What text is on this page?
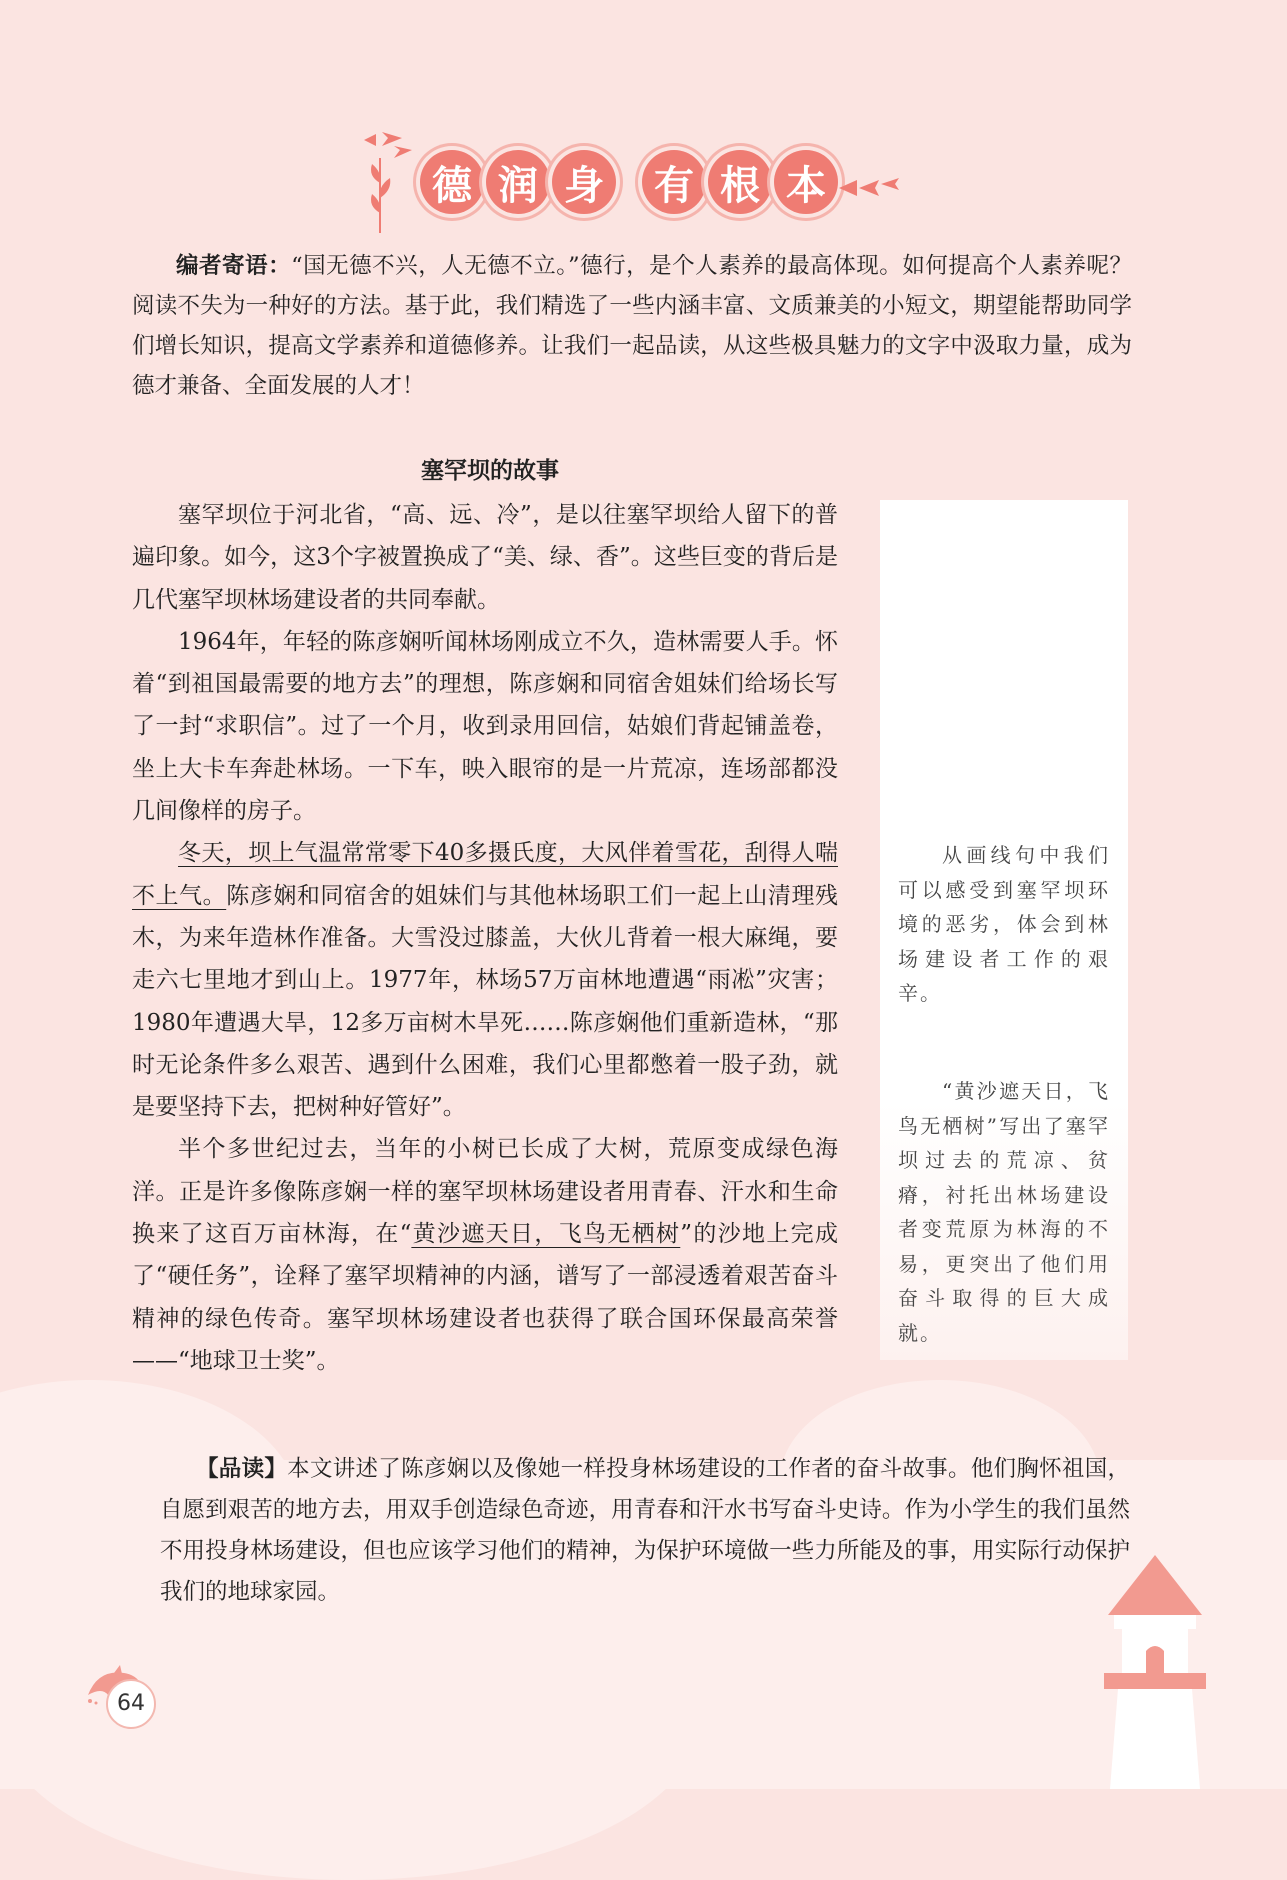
德 润 身	有 根 本
编者寄语：“国无德不兴，人无德不立。”德行，是个人素养的最高体现。如何提高个人素养呢？阅读不失为一种好的方法。基于此，我们精选了一些内涵丰富、文质兼美的小短文，期望能帮助同学们增长知识，提高文学素养和道德修养。让我们一起品读，从这些极具魅力的文字中汲取力量，成为德才兼备、全面发展的人才！
塞罕坝的故事
从画线句中我们可以感受到塞罕坝环境的恶劣，体会到林场建设者工作的艰辛。
“黄沙遮天日，飞鸟无栖树”写出了塞罕坝过去的荒凉、贫瘠，衬托出林场建设者变荒原为林海的不易，更突出了他们用奋斗取得的巨大成就。

塞罕坝位于河北省，“高、远、冷”，是以往塞罕坝给人留下的普遍印象。如今，这3个字被置换成了“美、绿、香”。这些巨变的背后是几代塞罕坝林场建设者的共同奉献。

1964年，年轻的陈彦娴听闻林场刚成立不久，造林需要人手。怀着“到祖国最需要的地方去”的理想，陈彦娴和同宿舍姐妹们给场长写了一封“求职信”。过了一个月，收到录用回信，姑娘们背起铺盖卷，坐上大卡车奔赴林场。一下车，映入眼帘的是一片荒凉，连场部都没几间像样的房子。

冬天，坝上气温常常零下40多摄氏度，大风伴着雪花，刮得人喘不上气。陈彦娴和同宿舍的姐妹们与其他林场职工们一起上山清理残木，为来年造林作准备。大雪没过膝盖，大伙儿背着一根大麻绳，要走六七里地才到山上。1977年，林场57万亩林地遭遇“雨凇”灾害；1980年遭遇大旱，12多万亩树木旱死……陈彦娴他们重新造林，“那时无论条件多么艰苦、遇到什么困难，我们心里都憋着一股子劲，就是要坚持下去，把树种好管好”。

半个多世纪过去，当年的小树已长成了大树，荒原变成绿色海洋。正是许多像陈彦娴一样的塞罕坝林场建设者用青春、汗水和生命换来了这百万亩林海，在“黄沙遮天日，飞鸟无栖树”的沙地上完成了“硬任务”，诠释了塞罕坝精神的内涵，谱写了一部浸透着艰苦奋斗精神的绿色传奇。塞罕坝林场建设者也获得了联合国环保最高荣誉——“地球卫士奖”。

【品读】本文讲述了陈彦娴以及像她一样投身林场建设的工作者的奋斗故事。他们胸怀祖国，自愿到艰苦的地方去，用双手创造绿色奇迹，用青春和汗水书写奋斗史诗。作为小学生的我们虽然不用投身林场建设，但也应该学习他们的精神，为保护环境做一些力所能及的事，用实际行动保护我们的地球家园。
64
